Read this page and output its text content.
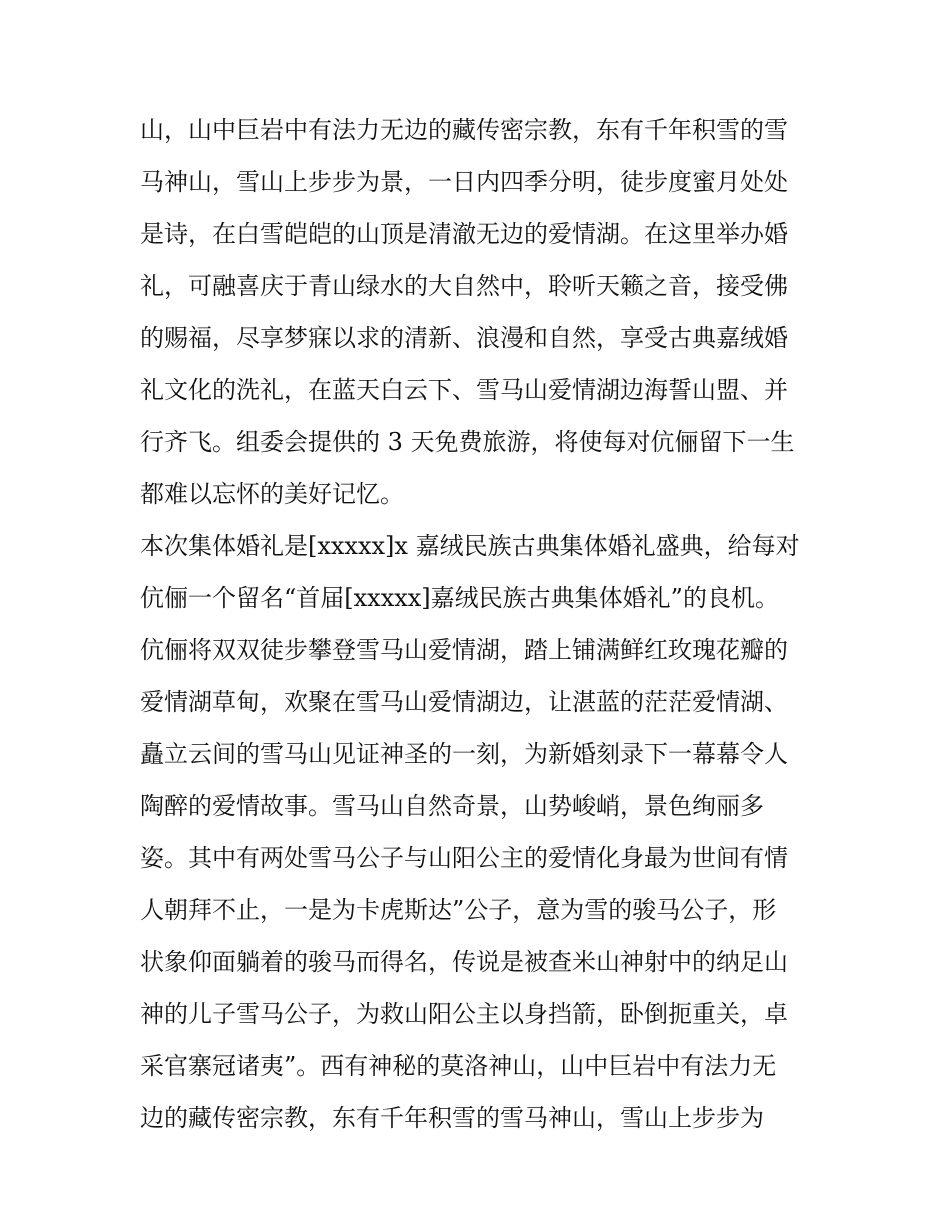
山，山中巨岩中有法力无边的藏传密宗教，东有千年积雪的雪
马神山，雪山上步步为景，一日内四季分明，徒步度蜜月处处
是诗，在白雪皑皑的山顶是清澈无边的爱情湖。在这里举办婚
礼，可融喜庆于青山绿水的大自然中，聆听天籁之音，接受佛
的赐福，尽享梦寐以求的清新、浪漫和自然，享受古典嘉绒婚
礼文化的洗礼，在蓝天白云下、雪马山爱情湖边海誓山盟、并
行齐飞。组委会提供的 3 天免费旅游，将使每对伉俪留下一生
都难以忘怀的美好记忆。
本次集体婚礼是[xxxxx]x 嘉绒民族古典集体婚礼盛典，给每对
伉俪一个留名“首届[xxxxx]嘉绒民族古典集体婚礼”的良机。
伉俪将双双徒步攀登雪马山爱情湖，踏上铺满鲜红玫瑰花瓣的
爱情湖草甸，欢聚在雪马山爱情湖边，让湛蓝的茫茫爱情湖、
矗立云间的雪马山见证神圣的一刻，为新婚刻录下一幕幕令人
陶醉的爱情故事。雪马山自然奇景，山势峻峭，景色绚丽多
姿。其中有两处雪马公子与山阳公主的爱情化身最为世间有情
人朝拜不止，一是为卡虎斯达”公子，意为雪的骏马公子，形
状象仰面躺着的骏马而得名，传说是被查米山神射中的纳足山
神的儿子雪马公子，为救山阳公主以身挡箭，卧倒扼重关，卓
采官寨冠诸夷”。西有神秘的莫洛神山，山中巨岩中有法力无
边的藏传密宗教，东有千年积雪的雪马神山，雪山上步步为
